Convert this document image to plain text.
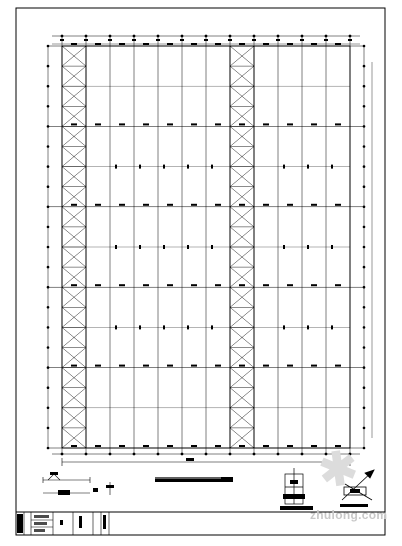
✱
zhulong.com
